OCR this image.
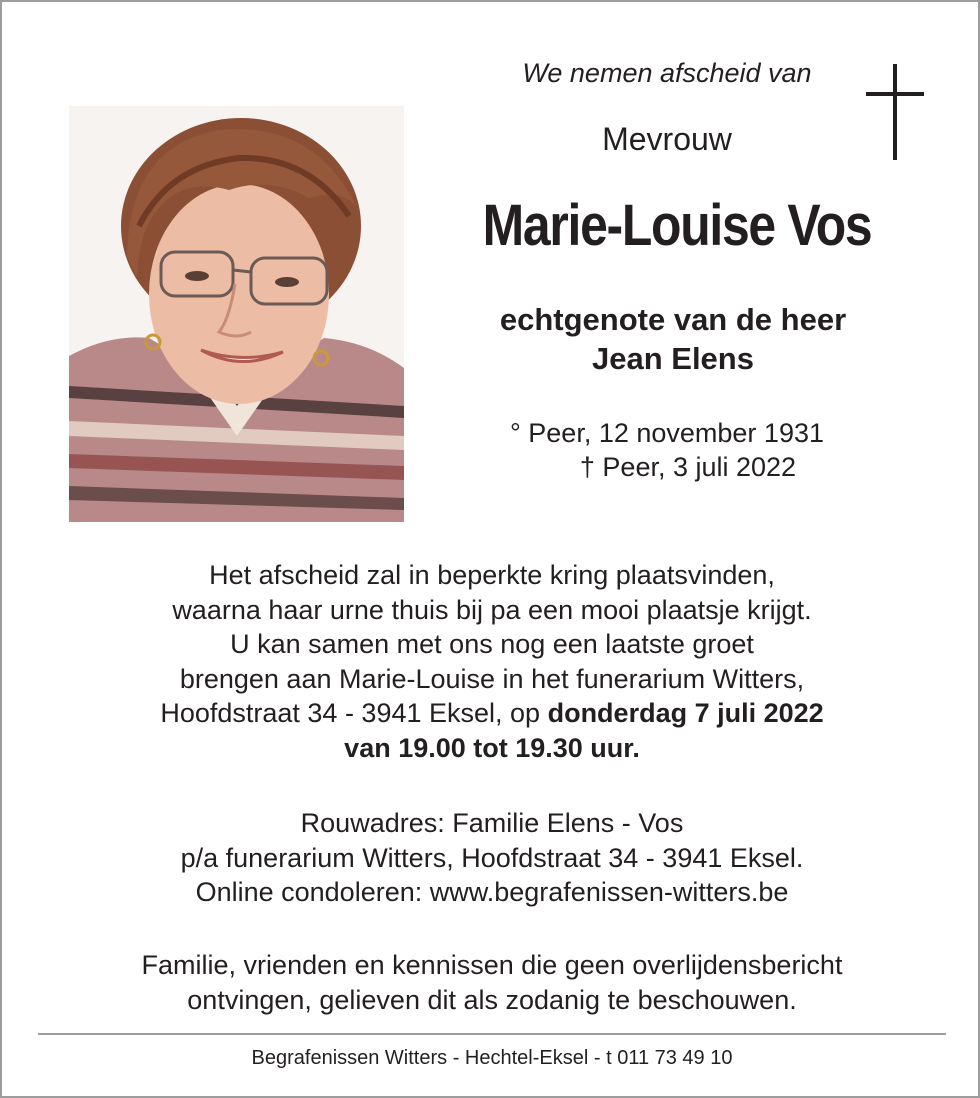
We nemen afscheid van
Mevrouw
Marie-Louise Vos
echtgenote van de heer
Jean Elens
° Peer, 12 november 1931
† Peer, 3 juli 2022
Het afscheid zal in beperkte kring plaatsvinden,
waarna haar urne thuis bij pa een mooi plaatsje krijgt.
U kan samen met ons nog een laatste groet
brengen aan Marie-Louise in het funerarium Witters,
Hoofdstraat 34 - 3941 Eksel, op donderdag 7 juli 2022
van 19.00 tot 19.30 uur.
Rouwadres: Familie Elens - Vos
p/a funerarium Witters, Hoofdstraat 34 - 3941 Eksel.
Online condoleren: www.begrafenissen-witters.be
Familie, vrienden en kennissen die geen overlijdensbericht
ontvingen, gelieven dit als zodanig te beschouwen.
Begrafenissen Witters - Hechtel-Eksel - t 011 73 49 10
